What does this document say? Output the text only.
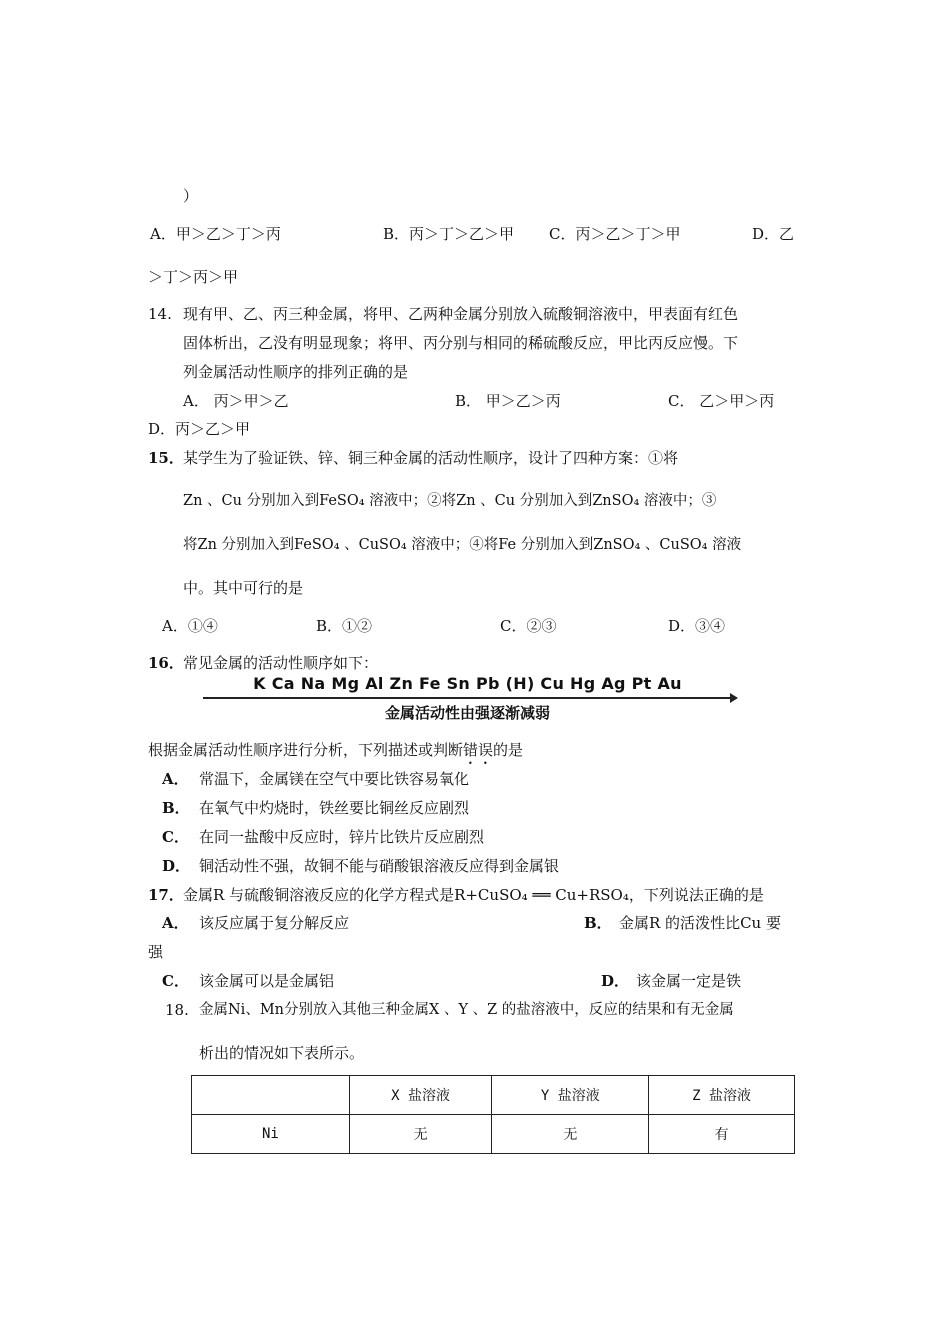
）
A．甲＞乙＞丁＞丙	B．丙＞丁＞乙＞甲 C．丙＞乙＞丁＞甲	D．乙
＞丁＞丙＞甲
14. 现有甲、乙、丙三种金属，将甲、乙两种金属分别放入硫酸铜溶液中，甲表面有红色
固体析出，乙没有明显现象；将甲、丙分别与相同的稀硫酸反应，甲比丙反应慢。下
列金属活动性顺序的排列正确的是
A． 丙＞甲＞乙	B． 甲＞乙＞丙	C． 乙＞甲＞丙
D．丙＞乙＞甲
15． 某学生为了验证铁、锌、铜三种金属的活动性顺序，设计了四种方案：①将
Zn 、Cu 分别加入到FeSO₄ 溶液中；②将Zn 、Cu 分别加入到ZnSO₄ 溶液中；③
将Zn 分别加入到FeSO₄ 、CuSO₄ 溶液中；④将Fe 分别加入到ZnSO₄ 、CuSO₄ 溶液
中。其中可行的是
A．①④	B．①②	C．②③	D．③④
16． 常见金属的活动性顺序如下：
K Ca Na Mg Al Zn Fe Sn Pb (H) Cu Hg Ag Pt Au
金属活动性由强逐渐减弱
根据金属活动性顺序进行分析，下列描述或判断错误的是
A． 常温下，金属镁在空气中要比铁容易氧化
B． 在氧气中灼烧时，铁丝要比铜丝反应剧烈
C． 在同一盐酸中反应时，锌片比铁片反应剧烈
D． 铜活动性不强，故铜不能与硝酸银溶液反应得到金属银
17． 金属R 与硫酸铜溶液反应的化学方程式是R+CuSO₄ ══ Cu+RSO₄，下列说法正确的是
A． 该反应属于复分解反应	B． 金属R 的活泼性比Cu 要
强
C． 该金属可以是金属铝	D． 该金属一定是铁
18. 金属Ni、Mn分别放入其他三种金属X 、Y 、Z 的盐溶液中，反应的结果和有无金属
析出的情况如下表所示。
	X 盐溶液	Y 盐溶液	Z 盐溶液
Ni	无	无	有
